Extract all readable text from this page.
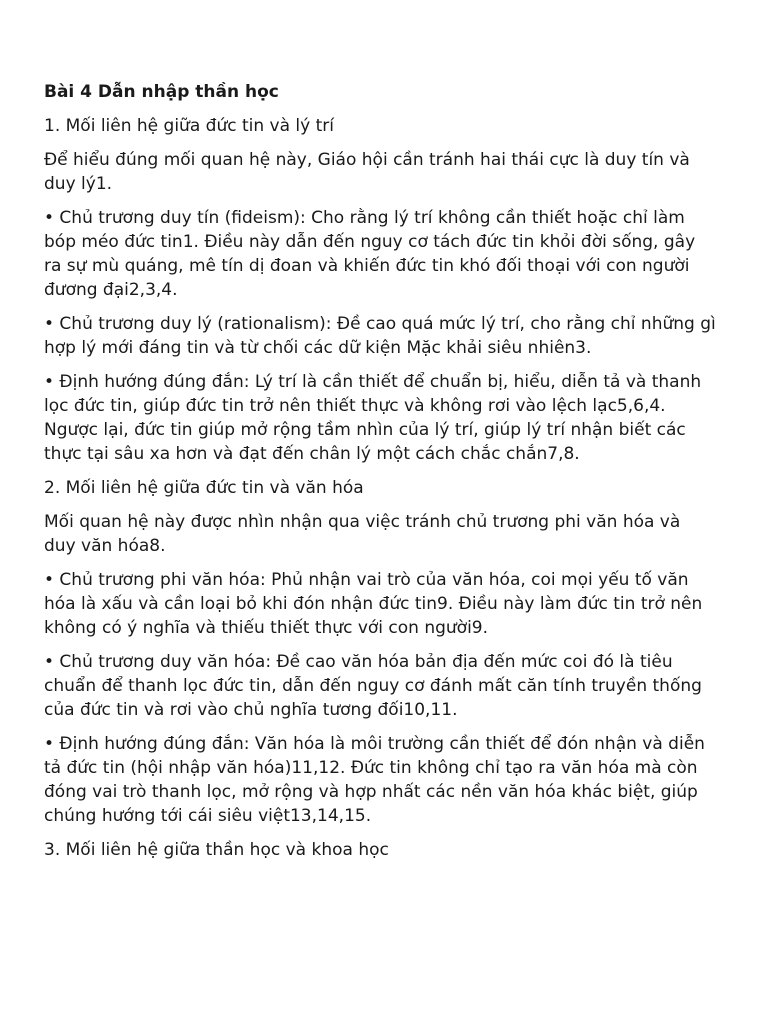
Bài 4 Dẫn nhập thần học

1. Mối liên hệ giữa đức tin và lý trí

Để hiểu đúng mối quan hệ này, Giáo hội cần tránh hai thái cực là duy tín và duy lý1.

• Chủ trương duy tín (ﬁdeism): Cho rằng lý trí không cần thiết hoặc chỉ làm bóp méo đức tin1. Điều này dẫn đến nguy cơ tách đức tin khỏi đời sống, gây ra sự mù quáng, mê tín dị đoan và khiến đức tin khó đối thoại với con người đương đại2,3,4.

• Chủ trương duy lý (rationalism): Đề cao quá mức lý trí, cho rằng chỉ những gì hợp lý mới đáng tin và từ chối các dữ kiện Mặc khải siêu nhiên3.

• Định hướng đúng đắn: Lý trí là cần thiết để chuẩn bị, hiểu, diễn tả và thanh lọc đức tin, giúp đức tin trở nên thiết thực và không rơi vào lệch lạc5,6,4. Ngược lại, đức tin giúp mở rộng tầm nhìn của lý trí, giúp lý trí nhận biết các thực tại sâu xa hơn và đạt đến chân lý một cách chắc chắn7,8.

2. Mối liên hệ giữa đức tin và văn hóa

Mối quan hệ này được nhìn nhận qua việc tránh chủ trương phi văn hóa và duy văn hóa8.

• Chủ trương phi văn hóa: Phủ nhận vai trò của văn hóa, coi mọi yếu tố văn hóa là xấu và cần loại bỏ khi đón nhận đức tin9. Điều này làm đức tin trở nên không có ý nghĩa và thiếu thiết thực với con người9.

• Chủ trương duy văn hóa: Đề cao văn hóa bản địa đến mức coi đó là tiêu chuẩn để thanh lọc đức tin, dẫn đến nguy cơ đánh mất căn tính truyền thống của đức tin và rơi vào chủ nghĩa tương đối10,11.

• Định hướng đúng đắn: Văn hóa là môi trường cần thiết để đón nhận và diễn tả đức tin (hội nhập văn hóa)11,12. Đức tin không chỉ tạo ra văn hóa mà còn đóng vai trò thanh lọc, mở rộng và hợp nhất các nền văn hóa khác biệt, giúp chúng hướng tới cái siêu việt13,14,15.

3. Mối liên hệ giữa thần học và khoa học
